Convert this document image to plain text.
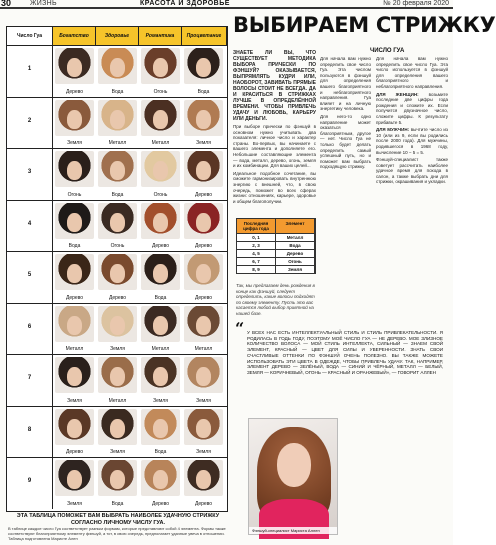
30	ЖИЗНЬ	КРАСОТА И ЗДОРОВЬЕ	№ 20 февраля 2020
Число Гуа	Богатство	Здоровье	Романтика	Процветание
1
Дерево	Вода	Огонь	Вода
2
Земля	Металл	Металл	Земля
3
Огонь	Вода	Огонь	Дерево
4
Вода	Огонь	Дерево	Дерево
5
Дерево	Дерево	Вода	Дерево
6
Металл	Земля	Металл	Металл
7
Земля	Металл	Земля	Земля
8
Дерево	Земля	Вода	Земля
9
Земля	Вода	Дерево	Дерево
ВЫБИРАЕМ СТРИЖКУ
ЧИСЛО ГУА

ЗНАЕТЕ ЛИ ВЫ, ЧТО СУЩЕСТВУЕТ МЕТОДИКА ВЫБОРА ПРИЧЕСКИ ПО ФЭНШУЙ? ОКАЗЫВАЕТСЯ, ВЫПРЯМЛЯТЬ КУДРИ ИЛИ, НАОБОРОТ, ЗАВИВАТЬ ПРЯМЫЕ ВОЛОСЫ СТОИТ НЕ ВСЕГДА. ДА И КРАСИТЬСЯ В СТРИЖКАХ ЛУЧШЕ В ОПРЕДЕЛЁННОЙ ВРЕМЕНИ. ЧТОБЫ ПРИВЛЕЧЬ УДАЧУ И ЛЮБОВЬ, КАРЬЕРУ ИЛИ ДЕНЬГИ.

При выборе прически по фэншуй в основном нужно учитывать два показателя: личное число и характер страны. Во-первых, вы начинаете с вашего элемента и дополняете его. Небольшие составляющие элемента — вода, металл, дерево, огонь, земля и их комбинации. Для ваших целей...

Идеальное подобное сочетание, вы сможете гармонизировать внутреннюю энергию с внешней, что, в свою очередь, поможет во всех сферах жизни: отношениях, карьере, здоровье и общем благополучии.

Последняя цифра года
Элемент
0, 1	Металл
2, 3	Вода
4, 5	Дерево
6, 7	Огонь
8, 9	Земля
Так, мы предлагаем день рождения в конце как фэншуй, следует определить, какие волосы подходят по своему элементу. Пусть это вас касается любой выбор приятной на нашей базе.

Для начала вам нужно определить свое число Гуа. Эта числом пользуются в фэншуй для определения вашего благоприятного и неблагоприятного направления. Гуа влияет и на личную энергетику человека.

Для него-то одно направление может оказаться благоприятным, другое — нет. Число Гуа не только будет делать определить самый успешный путь, но и поможет вам выбрать подходящую стрижку.

Для начала вам нужно определить свое число Гуа. Эта число используется в фэншуй для определения вашего благоприятного и неблагоприятного направления.

ДЛЯ ЖЕНЩИН: возьмите последние две цифры года рождения и сложите их. Если получится двузначное число, сложите цифры. К результату прибавьте 5.

ДЛЯ МУЖЧИН: вычтите число из 10 (или из 9, если вы родились после 2000 года). Для мужчины, родившегося в 1968 году, вычисление 10 − 5 = 5.

Фэншуй-специалист также советует рассчитать наиболее удачное время для похода в салон, а также выбрать дни для стрижки, окрашивания и укладки.

“ У ВСЕХ НАС ЕСТЬ ИНТЕЛЛЕКТУАЛЬНЫЙ СТИЛЬ И СТИЛЬ ПРИВЛЕКАТЕЛЬНОСТИ. Я РОДИЛАСЬ В ГОДЬ ГОДУ, ПОЭТОМУ МОЁ ЧИСЛО ГУА — НЕ ДЕРЕВО. МОЕ ЗЛИЗНОЕ КОЛИЧЕСТВО ВОЛОСА — МОЙ СТИЛЬ ИНТЕЛЛЕКТА, СИЛЬНЫЙ — ЗНАЕМ СВОЙ ЭЛЕМЕНТ, КРАСНЫЙ — ЦВЕТ ДЛЯ СИЛЫ И УВЕРЕННОСТИ. ЗНАТЬ СВОИ СЧАСТЛИВЫЕ ОТТЕНКИ ПО ФЭНШУЙ ОЧЕНЬ ПОЛЕЗНО. ВЫ ТАКЖЕ МОЖЕТЕ ИСПОЛЬЗОВАТЬ ЭТИ ЦВЕТА В ОДЕЖДЕ, ЧТОБЫ ПРИВЛЕЧЬ УДАЧУ. ТАК, НАПРИМЕР, ЭЛЕМЕНТ ДЕРЕВО — ЗЕЛЁНЫЙ, ВОДА — СИНИЙ И ЧЁРНЫЙ, МЕТАЛЛ — БЕЛЫЙ, ЗЕМЛЯ — КОРИЧНЕВЫЙ, ОГОНЬ — КРАСНЫЙ И ОРАНЖЕВЫЙ», — ГОВОРИТ АЛЛЕН
Фэншуй-специалист Мариста Аллен
ЭТА ТАБЛИЦА ПОМОЖЕТ ВАМ ВЫБРАТЬ НАИБОЛЕЕ УДАЧНУЮ СТРИЖКУ СОГЛАСНО ЛИЧНОМУ ЧИСЛУ ГУА.
В таблице каждое число Гуа соответствует разным формам, которые представляют собой 4 элемента. Формы также соответствуют благоприятному элементу фэншуй, а тот, в свою очередь, предполагает удачные увеча в отношении. Таблица подготовлена Маристе Ален
